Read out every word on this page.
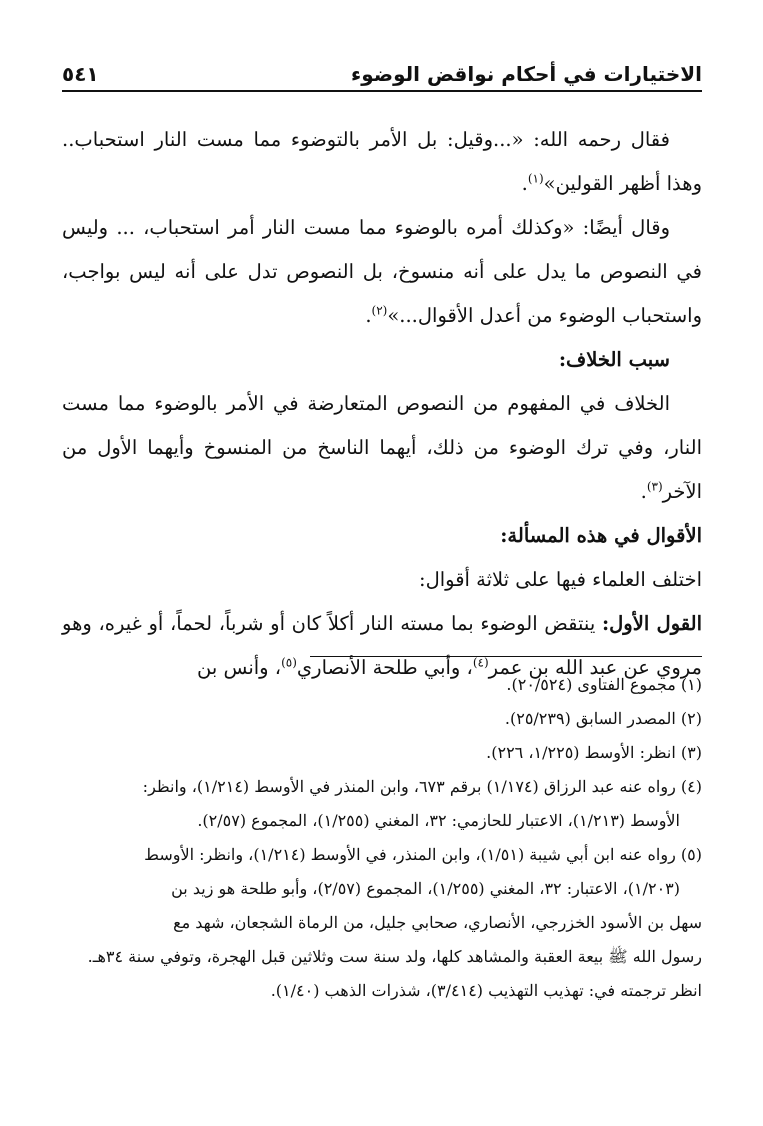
الاختيارات في أحكام نواقض الوضوء
٥٤١

فقال رحمه الله: «...وقيل: بل الأمر بالتوضوء مما مست النار استحباب.. وهذا أظهر القولين»$^{(١)}$.

وقال أيضًا: «وكذلك أمره بالوضوء مما مست النار أمر استحباب، ... وليس في النصوص ما يدل على أنه منسوخ، بل النصوص تدل على أنه ليس بواجب، واستحباب الوضوء من أعدل الأقوال...»$^{(٢)}$.

سبب الخلاف:

الخلاف في المفهوم من النصوص المتعارضة في الأمر بالوضوء مما مست النار، وفي ترك الوضوء من ذلك، أيهما الناسخ من المنسوخ وأيهما الأول من الآخر$^{(٣)}$.

الأقوال في هذه المسألة:

اختلف العلماء فيها على ثلاثة أقوال:

القول الأول: ينتقض الوضوء بما مسته النار أكلاً كان أو شرباً، لحماً، أو غيره، وهو مروي عن عبد الله بن عمر$^{(٤)}$، وأبي طلحة الأنصاري$^{(٥)}$، وأنس بن

(١) مجموع الفتاوى (٢٠/٥٢٤).

(٢) المصدر السابق (٢٥/٢٣٩).

(٣) انظر: الأوسط (١/٢٢٥، ٢٢٦).

(٤) رواه عنه عبد الرزاق (١/١٧٤) برقم ٦٧٣، وابن المنذر في الأوسط (١/٢١٤)، وانظر:

الأوسط (١/٢١٣)، الاعتبار للحازمي: ٣٢، المغني (١/٢٥٥)، المجموع (٢/٥٧).

(٥) رواه عنه ابن أبي شيبة (١/٥١)، وابن المنذر، في الأوسط (١/٢١٤)، وانظر: الأوسط

(١/٢٠٣)، الاعتبار: ٣٢، المغني (١/٢٥٥)، المجموع (٢/٥٧)، وأبو طلحة هو زيد بن

سهل بن الأسود الخزرجي، الأنصاري، صحابي جليل، من الرماة الشجعان، شهد مع

رسول الله ﷺ بيعة العقبة والمشاهد كلها، ولد سنة ست وثلاثين قبل الهجرة، وتوفي سنة ٣٤هـ.

انظر ترجمته في: تهذيب التهذيب (٣/٤١٤)، شذرات الذهب (١/٤٠).
